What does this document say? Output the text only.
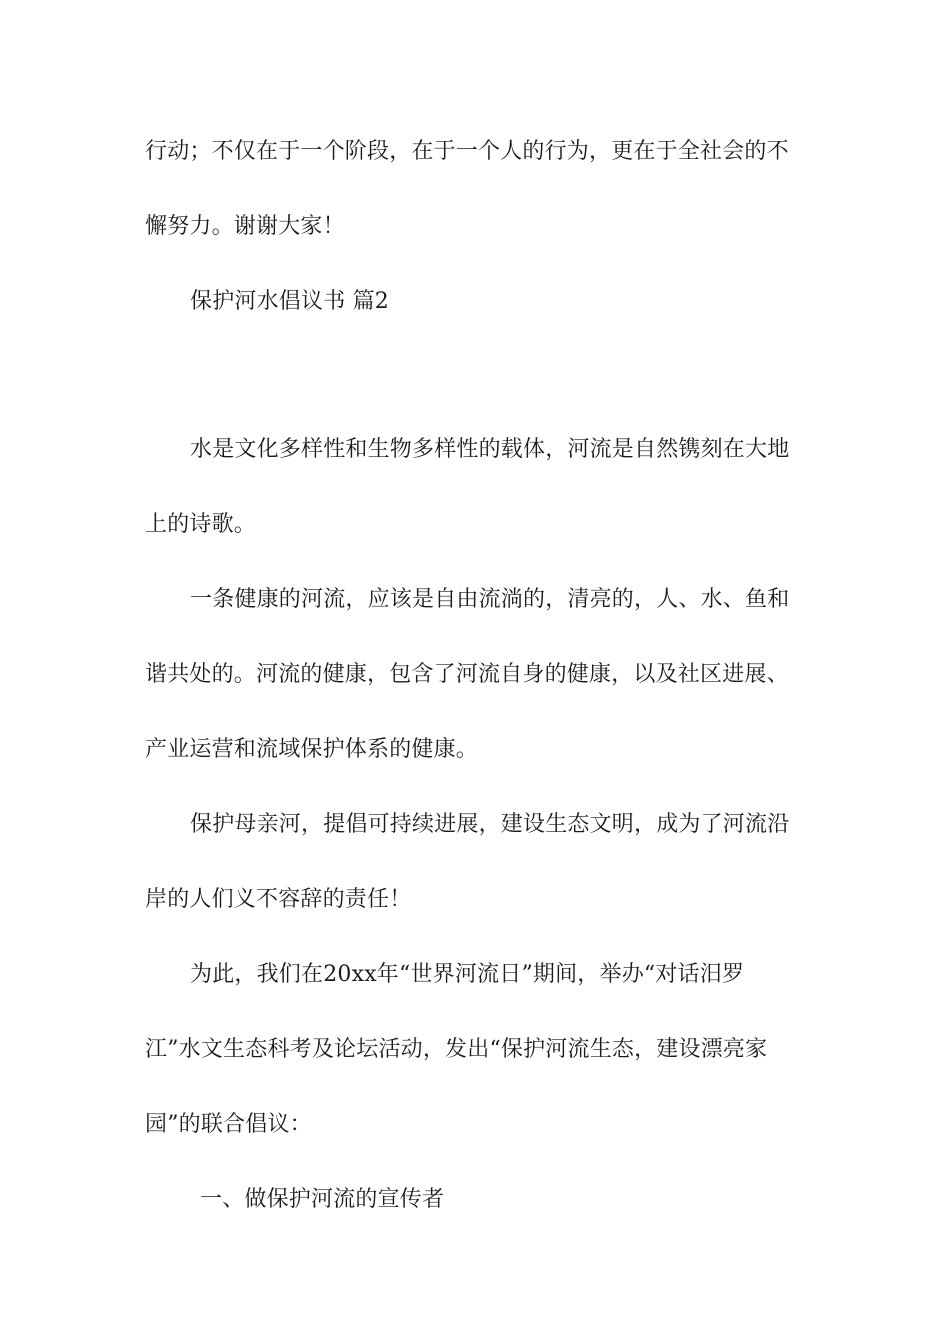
行动；不仅在于一个阶段，在于一个人的行为，更在于全社会的不
懈努力。谢谢大家！
保护河水倡议书 篇2
水是文化多样性和生物多样性的载体，河流是自然镌刻在大地
上的诗歌。
一条健康的河流，应该是自由流淌的，清亮的，人、水、鱼和
谐共处的。河流的健康，包含了河流自身的健康，以及社区进展、
产业运营和流域保护体系的健康。
保护母亲河，提倡可持续进展，建设生态文明，成为了河流沿
岸的人们义不容辞的责任！
为此，我们在20xx年“世界河流日”期间，举办“对话汨罗
江”水文生态科考及论坛活动，发出“保护河流生态，建设漂亮家
园”的联合倡议：
一、做保护河流的宣传者
